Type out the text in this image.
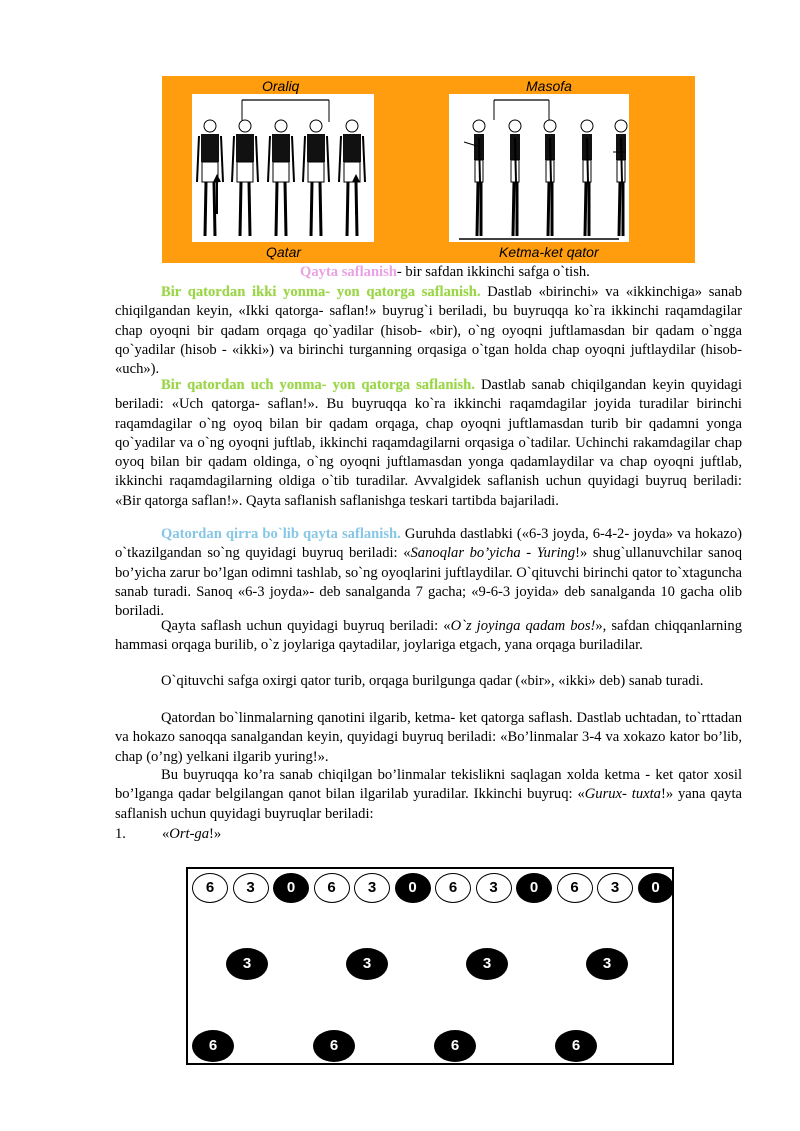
Oraliq	Masofa
Qatar	Ketma-ket qator
Qayta saflanish- bir safdan ikkinchi safga o`tish.
Bir qatordan ikki yonma- yon qatorga saflanish. Dastlab «birinchi» va «ikkinchiga» sanab chiqilgandan keyin, «Ikki qatorga- saflan!» buyrug`i beriladi, bu buyruqqa ko`ra ikkinchi raqamdagilar chap oyoqni bir qadam orqaga qo`yadilar (hisob- «bir), o`ng oyoqni juftlamasdan bir qadam o`ngga qo`yadilar (hisob - «ikki») va birinchi turganning orqasiga o`tgan holda chap oyoqni juftlaydilar (hisob- «uch»).
Bir qatordan uch yonma- yon qatorga saflanish. Dastlab sanab chiqilgandan keyin quyidagi beriladi: «Uch qatorga- saflan!». Bu buyruqqa ko`ra ikkinchi raqamdagilar joyida turadilar birinchi raqamdagilar o`ng oyoq bilan bir qadam orqaga, chap oyoqni juftlamasdan turib bir qadamni yonga qo`yadilar va o`ng oyoqni juftlab, ikkinchi raqamdagilarni orqasiga o`tadilar. Uchinchi rakamdagilar chap oyoq bilan bir qadam oldinga, o`ng oyoqni juftlamasdan yonga qadamlaydilar va chap oyoqni juftlab, ikkinchi raqamdagilarning oldiga o`tib turadilar. Avvalgidek saflanish uchun quyidagi buyruq beriladi: «Bir qatorga saflan!». Qayta saflanish saflanishga teskari tartibda bajariladi.
Qatordan qirra bo`lib qayta saflanish. Guruhda dastlabki («6-3 joyda, 6-4-2- joyda» va hokazo) o`tkazilgandan so`ng quyidagi buyruq beriladi: «Sanoqlar bo’yicha - Yuring!» shug`ullanuvchilar sanoq bo’yicha zarur bo’lgan odimni tashlab, so`ng oyoqlarini juftlaydilar. O`qituvchi birinchi qator to`xtaguncha sanab turadi. Sanoq «6-3 joyda»- deb sanalganda 7 gacha; «9-6-3 joyida» deb sanalganda 10 gacha olib boriladi.
Qayta saflash uchun quyidagi buyruq beriladi: «O`z joyinga qadam bos!», safdan chiqqanlarning hammasi orqaga burilib, o`z joylariga qaytadilar, joylariga etgach, yana orqaga buriladilar.
O`qituvchi safga oxirgi qator turib, orqaga burilgunga qadar («bir», «ikki» deb) sanab turadi.
Qatordan bo`linmalarning qanotini ilgarib, ketma- ket qatorga saflash. Dastlab uchtadan, to`rttadan va hokazo sanoqqa sanalgandan keyin, quyidagi buyruq beriladi: «Bo’linmalar 3-4 va xokazo kator bo’lib, chap (o’ng) yelkani ilgarib yuring!».
Bu buyruqqa ko’ra sanab chiqilgan bo’linmalar tekislikni saqlagan xolda ketma - ket qator xosil bo’lganga qadar belgilangan qanot bilan ilgarilab yuradilar. Ikkinchi buyruq: «Gurux- tuxta!» yana qayta saflanish uchun quyidagi buyruqlar beriladi:
1. «Ort-ga!»
6	3	0	6	3	0	6	3	0	6	3	0
3	3	3	3
6	6	6	6
